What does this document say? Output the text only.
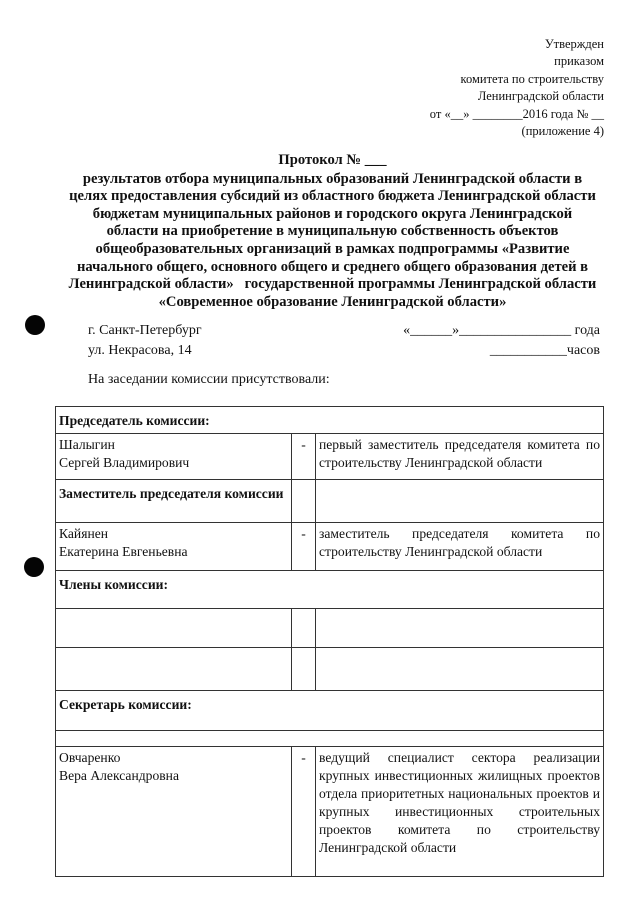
Утвержден
приказом
комитета по строительству
Ленинградской области
от «__» ________2016 года № __
(приложение 4)
Протокол № ___
результатов отбора муниципальных образований Ленинградской области в
целях предоставления субсидий из областного бюджета Ленинградской области
бюджетам муниципальных районов и городского округа Ленинградской
области на приобретение в муниципальную собственность объектов
общеобразовательных организаций в рамках подпрограммы «Развитие
начального общего, основного общего и среднего общего образования детей в
Ленинградской области»   государственной программы Ленинградской области
«Современное образование Ленинградской области»
г. Санкт-Петербург
ул. Некрасова, 14
«______»________________ года
___________часов
На заседании комиссии присутствовали:
Председатель комиссии:		

Шалыгин
Сергей Владимирович	-	первый заместитель председателя комитета по строительству Ленинградской области
Заместитель председателя комиссии		

Кайянен
Екатерина Евгеньевна	-	заместитель председателя комитета по строительству Ленинградской области
Члены комиссии:		

Секретарь комиссии:		

Овчаренко
Вера Александровна	-	ведущий специалист сектора реализации крупных инвестиционных жилищных проектов отдела приоритетных национальных проектов и крупных инвестиционных строительных проектов комитета по строительству Ленинградской области
